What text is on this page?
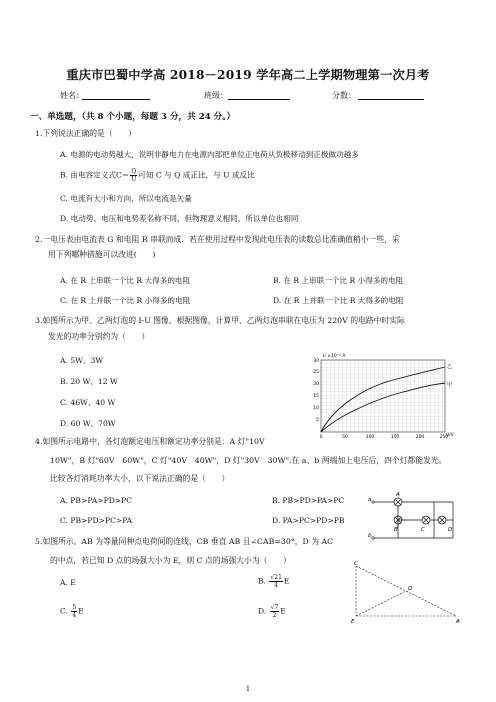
重庆市巴蜀中学高 2018－2019 学年高二上学期物理第一次月考
姓名：	班级：	分数：
一、单选题，（共 8 个小题，每题 3 分，共 24 分。）
1.下列说法正确的是（　　）
A. 电源的电动势越大，说明非静电力在电源内部把单位正电荷从负极移动到正极做功越多
B. 由电容定义式$C= \frac{Q}{U}$ 可知 C 与 Q 成正比，与 U 成反比
C. 电流有大小和方向，所以电流是矢量
D. 电动势、电压和电势差名称不同，但物理意义相同，所以单位也相同
2.一电压表由电流表 G 和电阻 R 串联而成．若在使用过程中发现此电压表的读数总比准确值稍小一些，采
用下列哪种措施可以改进(　　)
A. 在 R 上串联一个比 R 大得多的电阻	B. 在 R 上串联一个比 R 小得多的电阻
C. 在 R 上并联一个比 R 小得多的电阻	D. 在 R 上并联一个比 R 大得多的电阻
3.如图所示为甲、乙两灯泡的 I-U 图像，根据图像，计算甲、乙两灯泡串联在电压为 220V 的电路中时实际
发光的功率分别约为（　　）
A. 5W、3W
B. 20 W、12 W
C. 46W、40 W
D. 60 W、70W
I/ ×10⁻² A
U/V
5
10
15
20
25
30
0	50	100	150	200	250
乙
甲
4.如图所示电路中，各灯泡额定电压和额定功率分别是：A 灯"10V
10W"，B 灯"60V　60W"，C 灯"40V　40W"，D 灯"30V　30W".在 a、b 两端加上电压后，四个灯都能发光。
比较各灯消耗功率大小，以下说法正确的是（　　）
A. PB>PA>PD>PC	B. PB>PD>PA>PC
C. PB>PD>PC>PA	D. PA>PC>PD>PB
a
b
A
B	C	D
5.如图所示，AB 为等量同种点电荷间的连线，CB 垂直 AB 且∠CAB=30°，D 为 AC
的中点，若已知 D 点的场强大小为 E，则 C 点的场强大小为（　　）
A. E	B. $\frac{√21}{4}$ E
C. $\frac{5}{4}$ E	D. $\frac{√7}{2}$ E
C
D
E	A
1
